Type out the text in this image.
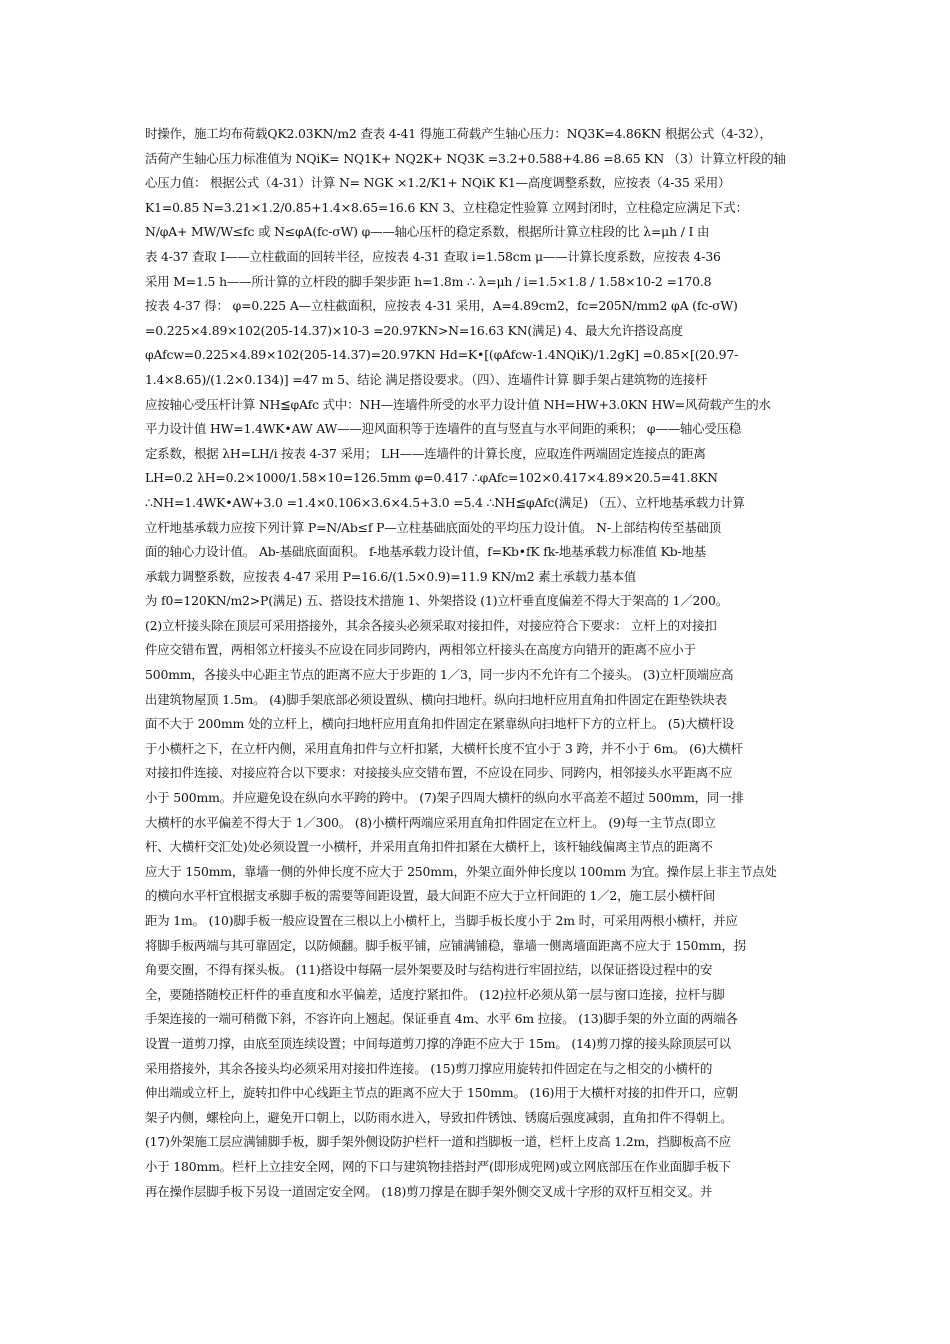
时操作，施工均布荷载QK2.03KN/m2 查表 4-41 得施工荷载产生轴心压力：NQ3K=4.86KN 根据公式（4-32），
活荷产生轴心压力标准值为 NQiK= NQ1K+ NQ2K+ NQ3K =3.2+0.588+4.86 =8.65 KN （3）计算立杆段的轴
心压力值： 根据公式（4-31）计算 N= NGK ×1.2/K1+ NQiK K1—高度调整系数，应按表（4-35 采用）
K1=0.85 N=3.21×1.2/0.85+1.4×8.65=16.6 KN 3、立柱稳定性验算 立网封闭时，立柱稳定应满足下式：
N/φA+ MW/W≤fc 或 N≤φA(fc-σW) φ——轴心压杆的稳定系数，根据所计算立柱段的比 λ=μh / I 由
表 4-37 查取 I——立柱截面的回转半径，应按表 4-31 查取 i=1.58cm μ——计算长度系数，应按表 4-36
采用 M=1.5 h——所计算的立杆段的脚手架步距 h=1.8m ∴ λ=μh / i=1.5×1.8 / 1.58×10-2 =170.8
按表 4-37 得： φ=0.225 A—立柱截面积，应按表 4-31 采用，A=4.89cm2，fc=205N/mm2 φA (fc-σW)
=0.225×4.89×102(205-14.37)×10-3 =20.97KN>N=16.63 KN(满足) 4、最大允许搭设高度
φAfcw=0.225×4.89×102(205-14.37)=20.97KN Hd=K•[(φAfcw-1.4NQiK)/1.2gK] =0.85×[(20.97-
1.4×8.65)/(1.2×0.134)] =47 m 5、结论 满足搭设要求。（四）、连墙件计算 脚手架占建筑物的连接杆
应按轴心受压杆计算 NH≦φAfc 式中：NH—连墙件所受的水平力设计值 NH=HW+3.0KN HW=风荷载产生的水
平力设计值 HW=1.4WK•AW AW——迎风面积等于连墙件的直与竖直与水平间距的乘积； φ——轴心受压稳
定系数，根据 λH=LH/i 按表 4-37 采用； LH——连墙件的计算长度，应取连件两端固定连接点的距离
LH=0.2 λH=0.2×1000/1.58×10=126.5mm φ=0.417 ∴φAfc=102×0.417×4.89×20.5=41.8KN
∴NH=1.4WK•AW+3.0 =1.4×0.106×3.6×4.5+3.0 =5.4 ∴NH≦φAfc(满足) （五）、立杆地基承载力计算
立杆地基承载力应按下列计算 P=N/Ab≤f P—立柱基础底面处的平均压力设计值。 N-上部结构传至基础顶
面的轴心力设计值。 Ab-基础底面面积。 f-地基承载力设计值，f=Kb•fK fk-地基承载力标准值 Kb-地基
承载力调整系数，应按表 4-47 采用 P=16.6/(1.5×0.9)=11.9 KN/m2 素土承载力基本值
为 f0=120KN/m2>P(满足) 五、搭设技术措施 1、外架搭设 (1)立杆垂直度偏差不得大于架高的 1／200。
(2)立杆接头除在顶层可采用搭接外，其余各接头必须采取对接扣件，对接应符合下要求： 立杆上的对接扣
件应交错布置，两相邻立杆接头不应设在同步同跨内，两相邻立杆接头在高度方向错开的距离不应小于
500mm，各接头中心距主节点的距离不应大于步距的 1／3，同一步内不允许有二个接头。 (3)立杆顶端应高
出建筑物屋顶 1.5m。 (4)脚手架底部必须设置纵、横向扫地杆。纵向扫地杆应用直角扣件固定在距垫铁块表
面不大于 200mm 处的立杆上，横向扫地杆应用直角扣件固定在紧靠纵向扫地杆下方的立杆上。 (5)大横杆设
于小横杆之下，在立杆内侧，采用直角扣件与立杆扣紧，大横杆长度不宜小于 3 跨，并不小于 6m。 (6)大横杆
对接扣件连接、对接应符合以下要求：对接接头应交错布置，不应设在同步、同跨内，相邻接头水平距离不应
小于 500mm。并应避免设在纵向水平跨的跨中。 (7)架子四周大横杆的纵向水平高差不超过 500mm，同一排
大横杆的水平偏差不得大于 1／300。 (8)小横杆两端应采用直角扣件固定在立杆上。 (9)每一主节点(即立
杆、大横杆交汇处)处必须设置一小横杆，并采用直角扣件扣紧在大横杆上，该杆轴线偏离主节点的距离不
应大于 150mm，靠墙一侧的外伸长度不应大于 250mm，外架立面外伸长度以 100mm 为宜。操作层上非主节点处
的横向水平杆宜根据支承脚手板的需要等间距设置，最大间距不应大于立杆间距的 1／2，施工层小横杆间
距为 1m。 (10)脚手板一般应设置在三根以上小横杆上，当脚手板长度小于 2m 时，可采用两根小横杆，并应
将脚手板两端与其可靠固定，以防倾翻。脚手板平铺，应铺满铺稳，靠墙一侧离墙面距离不应大于 150mm，拐
角要交圈，不得有探头板。 (11)搭设中每隔一层外架要及时与结构进行牢固拉结，以保证搭设过程中的安
全，要随搭随校正杆件的垂直度和水平偏差，适度拧紧扣件。 (12)拉杆必须从第一层与窗口连接，拉杆与脚
手架连接的一端可稍微下斜，不容许向上翘起。保证垂直 4m、水平 6m 拉接。 (13)脚手架的外立面的两端各
设置一道剪刀撑，由底至顶连续设置；中间每道剪刀撑的净距不应大于 15m。 (14)剪刀撑的接头除顶层可以
采用搭接外，其余各接头均必须采用对接扣件连接。 (15)剪刀撑应用旋转扣件固定在与之相交的小横杆的
伸出端或立杆上，旋转扣件中心线距主节点的距离不应大于 150mm。 (16)用于大横杆对接的扣件开口，应朝
架子内侧，螺栓向上，避免开口朝上，以防雨水进入，导致扣件锈蚀、锈腐后强度减弱，直角扣件不得朝上。
(17)外架施工层应满铺脚手板，脚手架外侧设防护栏杆一道和挡脚板一道，栏杆上皮高 1.2m，挡脚板高不应
小于 180mm。栏杆上立挂安全网，网的下口与建筑物挂搭封严(即形成兜网)或立网底部压在作业面脚手板下
再在操作层脚手板下另设一道固定安全网。 (18)剪刀撑是在脚手架外侧交叉成十字形的双杆互相交叉。并
